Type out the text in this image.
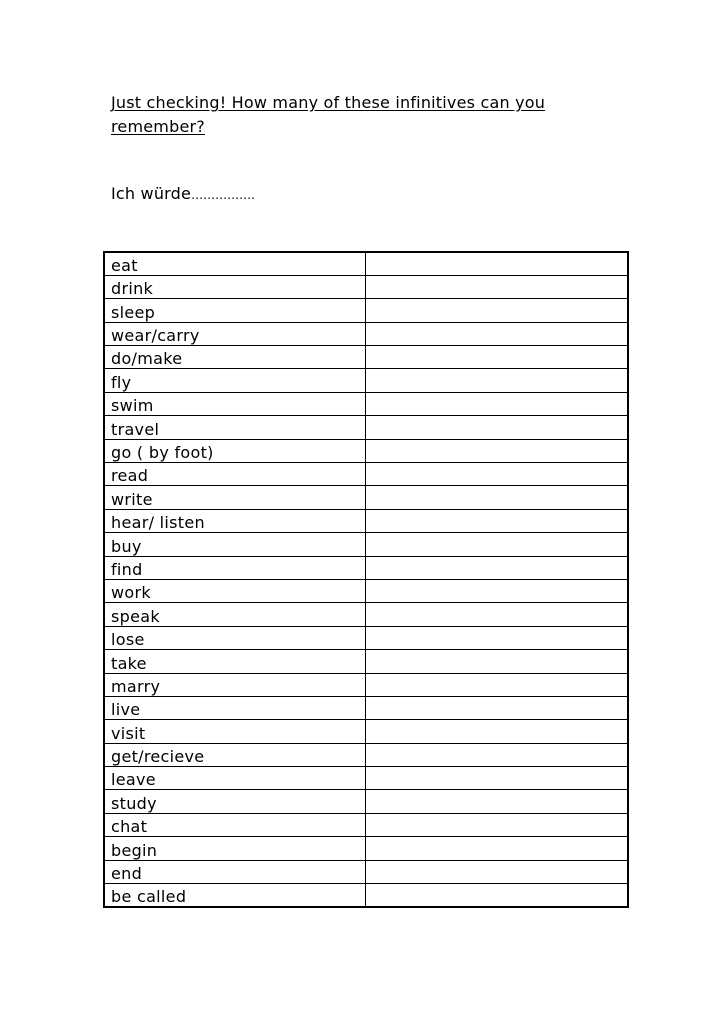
Just checking! How many of these infinitives can you
remember?

Ich würde…………….

eat	
drink	
sleep	
wear/carry	
do/make	
fly	
swim	
travel	
go ( by foot)	
read	
write	
hear/ listen	
buy	
find	
work	
speak	
lose	
take	
marry	
live	
visit	
get/recieve	
leave	
study	
chat	
begin	
end	
be called	
